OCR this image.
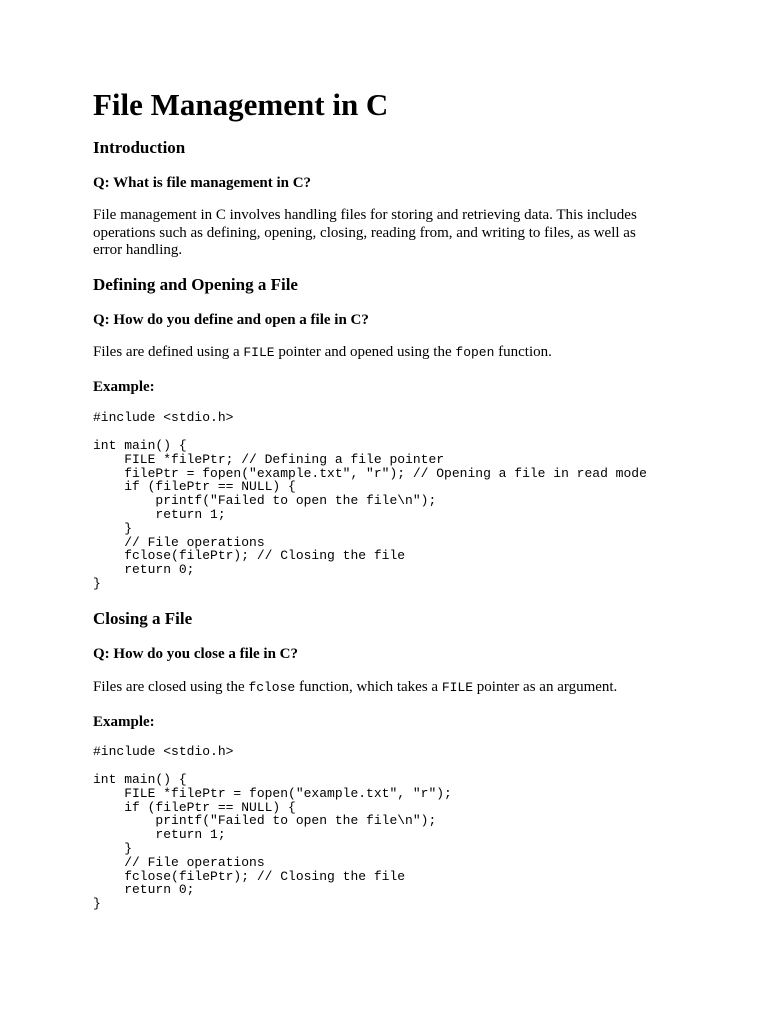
File Management in C
Introduction
Q: What is file management in C?
File management in C involves handling files for storing and retrieving data. This includes operations such as defining, opening, closing, reading from, and writing to files, as well as error handling.
Defining and Opening a File
Q: How do you define and open a file in C?
Files are defined using a FILE pointer and opened using the fopen function.
Example:
#include <stdio.h>
int main() {
FILE *filePtr; // Defining a file pointer
filePtr = fopen("example.txt", "r"); // Opening a file in read mode
if (filePtr == NULL) {
printf("Failed to open the file\n");
return 1;
}
// File operations
fclose(filePtr); // Closing the file
return 0;
}
Closing a File
Q: How do you close a file in C?
Files are closed using the fclose function, which takes a FILE pointer as an argument.
Example:
#include <stdio.h>
int main() {
FILE *filePtr = fopen("example.txt", "r");
if (filePtr == NULL) {
printf("Failed to open the file\n");
return 1;
}
// File operations
fclose(filePtr); // Closing the file
return 0;
}
